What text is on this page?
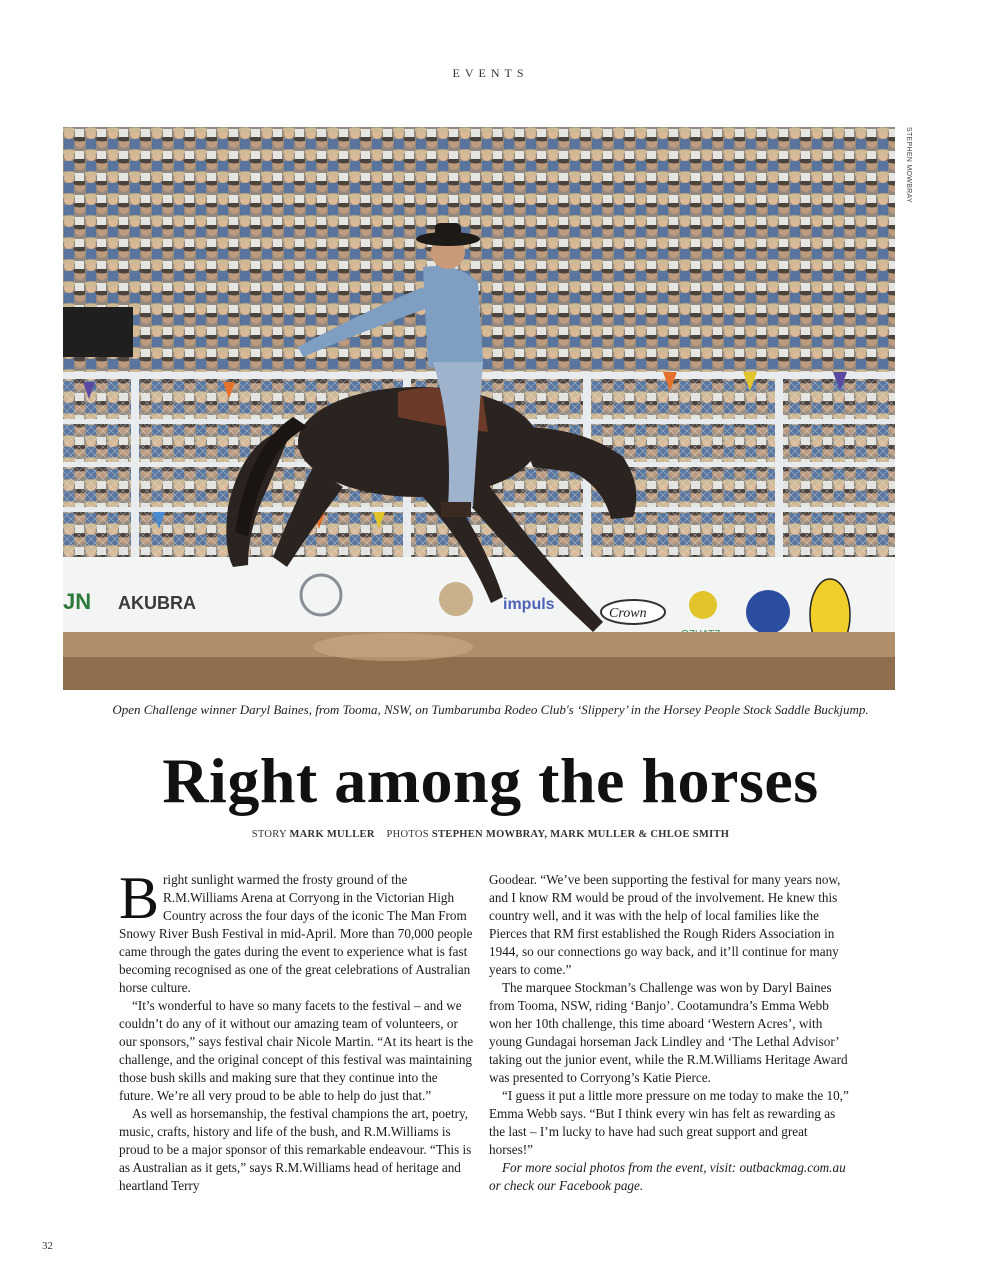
EVENTS
JN AKUBRA	impuls
Crown
STEPHEN MOWBRAY
Open Challenge winner Daryl Baines, from Tooma, NSW, on Tumbarumba Rodeo Club's ‘Slippery’ in the Horsey People Stock Saddle Buckjump.
Right among the horses
STORY MARK MULLER PHOTOS STEPHEN MOWBRAY, MARK MULLER & CHLOE SMITH

Bright sunlight warmed the frosty ground of the R.M.Williams Arena at Corryong in the Victorian High Country across the four days of the iconic The Man From Snowy River Bush Festival in mid-April. More than 70,000 people came through the gates during the event to experience what is fast becoming recognised as one of the great celebrations of Australian horse culture.

“It’s wonderful to have so many facets to the festival – and we couldn’t do any of it without our amazing team of volunteers, or our sponsors,” says festival chair Nicole Martin. “At its heart is the challenge, and the original concept of this festival was maintaining those bush skills and making sure that they continue into the future. We’re all very proud to be able to help do just that.”

As well as horsemanship, the festival champions the art, poetry, music, crafts, history and life of the bush, and R.M.Williams is proud to be a major sponsor of this remarkable endeavour. “This is as Australian as it gets,” says R.M.Williams head of heritage and heartland Terry

Goodear. “We’ve been supporting the festival for many years now, and I know RM would be proud of the involvement. He knew this country well, and it was with the help of local families like the Pierces that RM first established the Rough Riders Association in 1944, so our connections go way back, and it’ll continue for many years to come.”

The marquee Stockman’s Challenge was won by Daryl Baines from Tooma, NSW, riding ‘Banjo’. Cootamundra’s Emma Webb won her 10th challenge, this time aboard ‘Western Acres’, with young Gundagai horseman Jack Lindley and ‘The Lethal Advisor’ taking out the junior event, while the R.M.Williams Heritage Award was presented to Corryong’s Katie Pierce.

“I guess it put a little more pressure on me today to make the 10,” Emma Webb says. “But I think every win has felt as rewarding as the last – I’m lucky to have had such great support and great horses!”

For more social photos from the event, visit: outbackmag.com.au or check our Facebook page.

32
